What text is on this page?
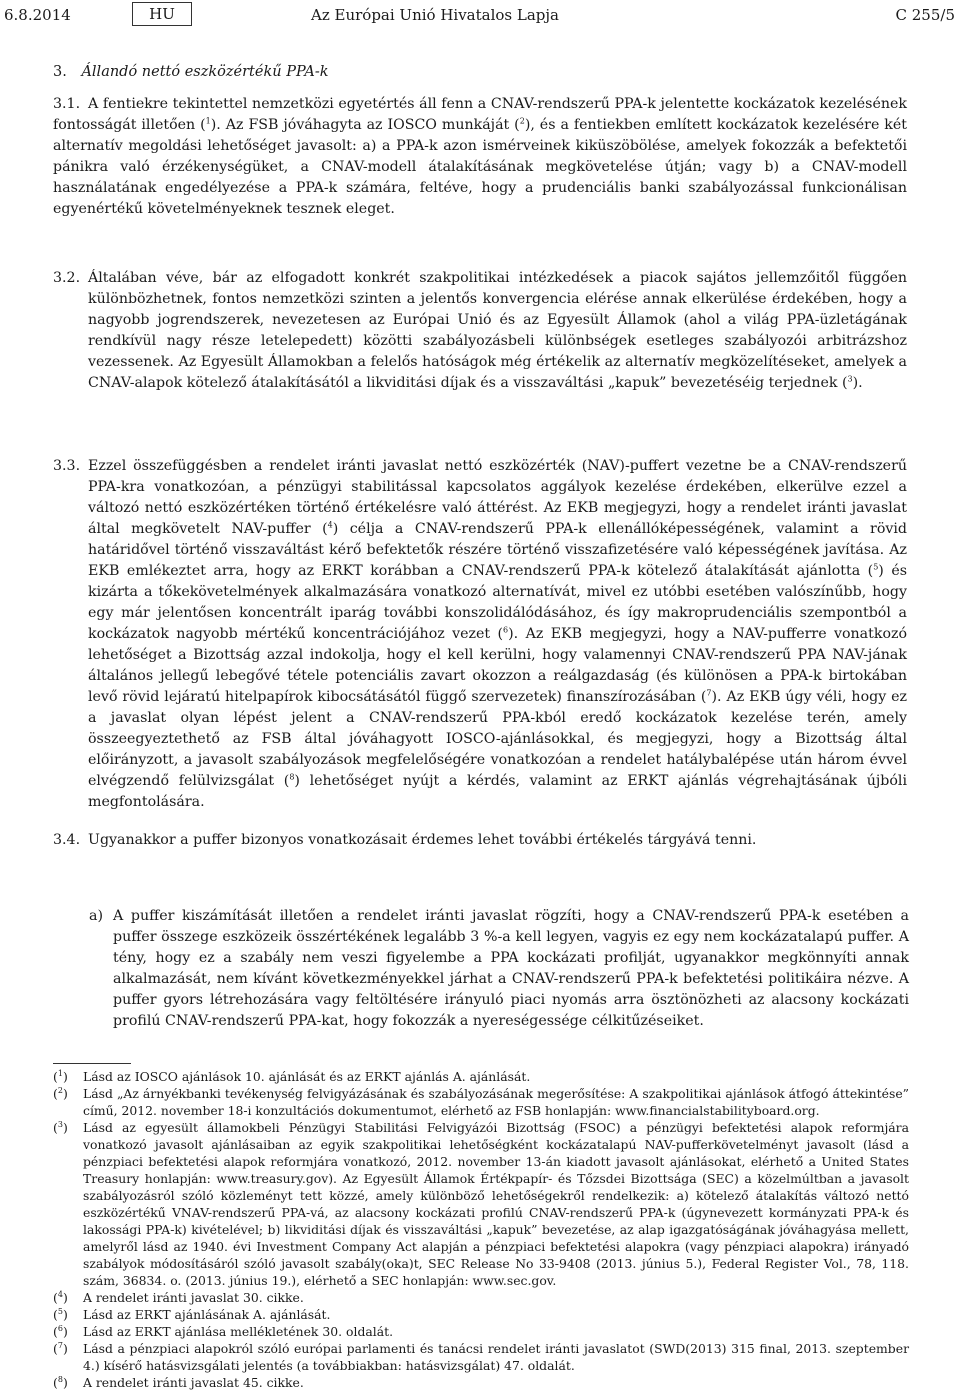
6.8.2014	HU	Az Európai Unió Hivatalos Lapja	C 255/5
3. Állandó nettó eszközértékű PPA-k
3.1. A fentiekre tekintettel nemzetközi egyetértés áll fenn a CNAV-rendszerű PPA-k jelentette kockázatok kezelésének fontosságát illetően ($^1$). Az FSB jóváhagyta az IOSCO munkáját ($^2$), és a fentiekben említett kockázatok kezelésére két alternatív megoldási lehetőséget javasolt: a) a PPA-k azon ismérveinek kiküszöbölése, amelyek fokozzák a befektetői pánikra való érzékenységüket, a CNAV-modell átalakításának megkövetelése útján; vagy b) a CNAV-modell használatának engedélyezése a PPA-k számára, feltéve, hogy a prudenciális banki szabályozással funkcionálisan egyenértékű követelményeknek tesznek eleget.
3.2. Általában véve, bár az elfogadott konkrét szakpolitikai intézkedések a piacok sajátos jellemzőitől függően különbözhetnek, fontos nemzetközi szinten a jelentős konvergencia elérése annak elkerülése érdekében, hogy a nagyobb jogrendszerek, nevezetesen az Európai Unió és az Egyesült Államok (ahol a világ PPA-üzletágának rendkívül nagy része letelepedett) közötti szabályozásbeli különbségek esetleges szabályozói arbitrázshoz vezessenek. Az Egyesült Államokban a felelős hatóságok még értékelik az alternatív megközelítéseket, amelyek a CNAV-alapok kötelező átalakításától a likviditási díjak és a visszaváltási „kapuk” bevezetéséig terjednek ($^3$).
3.3. Ezzel összefüggésben a rendelet iránti javaslat nettó eszközérték (NAV)-puffert vezetne be a CNAV-rendszerű PPA-kra vonatkozóan, a pénzügyi stabilitással kapcsolatos aggályok kezelése érdekében, elkerülve ezzel a változó nettó eszközértéken történő értékelésre való áttérést. Az EKB megjegyzi, hogy a rendelet iránti javaslat által megkövetelt NAV-puffer ($^4$) célja a CNAV-rendszerű PPA-k ellenállóképességének, valamint a rövid határidővel történő visszaváltást kérő befektetők részére történő visszafizetésére való képességének javítása. Az EKB emlékeztet arra, hogy az ERKT korábban a CNAV-rendszerű PPA-k kötelező átalakítását ajánlotta ($^5$) és kizárta a tőkekövetelmények alkalmazására vonatkozó alternatívát, mivel ez utóbbi esetében valószínűbb, hogy egy már jelentősen koncentrált iparág további konszolidálódásához, és így makroprudenciális szempontból a kockázatok nagyobb mértékű koncentrációjához vezet ($^6$). Az EKB megjegyzi, hogy a NAV-pufferre vonatkozó lehetőséget a Bizottság azzal indokolja, hogy el kell kerülni, hogy valamennyi CNAV-rendszerű PPA NAV-jának általános jellegű lebegővé tétele potenciális zavart okozzon a reálgazdaság (és különösen a PPA-k birtokában levő rövid lejáratú hitelpapírok kibocsátásától függő szervezetek) finanszírozásában ($^7$). Az EKB úgy véli, hogy ez a javaslat olyan lépést jelent a CNAV-rendszerű PPA-kból eredő kockázatok kezelése terén, amely összeegyeztethető az FSB által jóváhagyott IOSCO-ajánlásokkal, és megjegyzi, hogy a Bizottság által előirányzott, a javasolt szabályozások megfelelőségére vonatkozóan a rendelet hatálybalépése után három évvel elvégzendő felülvizsgálat ($^8$) lehetőséget nyújt a kérdés, valamint az ERKT ajánlás végrehajtásának újbóli megfontolására.
3.4. Ugyanakkor a puffer bizonyos vonatkozásait érdemes lehet további értékelés tárgyává tenni.
a) A puffer kiszámítását illetően a rendelet iránti javaslat rögzíti, hogy a CNAV-rendszerű PPA-k esetében a puffer összege eszközeik összértékének legalább 3 %-a kell legyen, vagyis ez egy nem kockázatalapú puffer. A tény, hogy ez a szabály nem veszi figyelembe a PPA kockázati profilját, ugyanakkor megkönnyíti annak alkalmazását, nem kívánt következményekkel járhat a CNAV-rendszerű PPA-k befektetési politikáira nézve. A puffer gyors létrehozására vagy feltöltésére irányuló piaci nyomás arra ösztönözheti az alacsony kockázati profilú CNAV-rendszerű PPA-kat, hogy fokozzák a nyereségessége célkitűzéseiket.
($^1$) Lásd az IOSCO ajánlások 10. ajánlását és az ERKT ajánlás A. ajánlását.
($^2$) Lásd „Az árnyékbanki tevékenység felvigyázásának és szabályozásának megerősítése: A szakpolitikai ajánlások átfogó áttekintése” című, 2012. november 18-i konzultációs dokumentumot, elérhető az FSB honlapján: www.financialstabilityboard.org.
($^3$) Lásd az egyesült államokbeli Pénzügyi Stabilitási Felvigyázói Bizottság (FSOC) a pénzügyi befektetési alapok reformjára vonatkozó javasolt ajánlásaiban az egyik szakpolitikai lehetőségként kockázatalapú NAV-pufferkövetelményt javasolt (lásd a pénzpiaci befektetési alapok reformjára vonatkozó, 2012. november 13-án kiadott javasolt ajánlásokat, elérhető a United States Treasury honlapján: www.treasury.gov). Az Egyesült Államok Értékpapír- és Tőzsdei Bizottsága (SEC) a közelmúltban a javasolt szabályozásról szóló közleményt tett közzé, amely különböző lehetőségekről rendelkezik: a) kötelező átalakítás változó nettó eszközértékű VNAV-rendszerű PPA-vá, az alacsony kockázati profilú CNAV-rendszerű PPA-k (úgynevezett kormányzati PPA-k és lakossági PPA-k) kivételével; b) likviditási díjak és visszaváltási „kapuk” bevezetése, az alap igazgatóságának jóváhagyása mellett, amelyről lásd az 1940. évi Investment Company Act alapján a pénzpiaci befektetési alapokra (vagy pénzpiaci alapokra) irányadó szabályok módosításáról szóló javasolt szabály(oka)t, SEC Release No 33-9408 (2013. június 5.), Federal Register Vol., 78, 118. szám, 36834. o. (2013. június 19.), elérhető a SEC honlapján: www.sec.gov.
($^4$) A rendelet iránti javaslat 30. cikke.
($^5$) Lásd az ERKT ajánlásának A. ajánlását.
($^6$) Lásd az ERKT ajánlása mellékletének 30. oldalát.
($^7$) Lásd a pénzpiaci alapokról szóló európai parlamenti és tanácsi rendelet iránti javaslatot (SWD(2013) 315 final, 2013. szeptember 4.) kísérő hatásvizsgálati jelentés (a továbbiakban: hatásvizsgálat) 47. oldalát.
($^8$) A rendelet iránti javaslat 45. cikke.
